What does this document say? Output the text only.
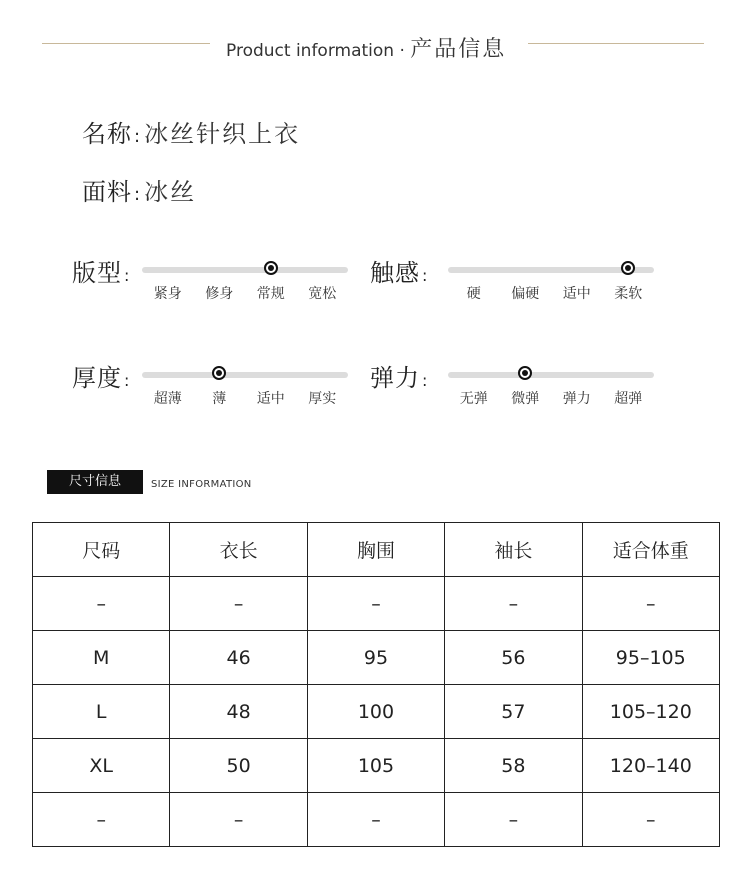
Product information · 产品信息
名称 : 冰丝针织上衣
面料 : 冰丝
版型 :
紧身 修身 常规 宽松
触感 :
硬 偏硬 适中 柔软
厚度 :
超薄 薄 适中 厚实
弹力 :
无弹 微弹 弹力 超弹
尺寸信息	SIZE INFORMATION
尺码	衣长	胸围	袖长	适合体重
–	–	–	–	–
M	46	95	56	95–105
L	48	100	57	105–120
XL	50	105	58	120–140
–	–	–	–	–
